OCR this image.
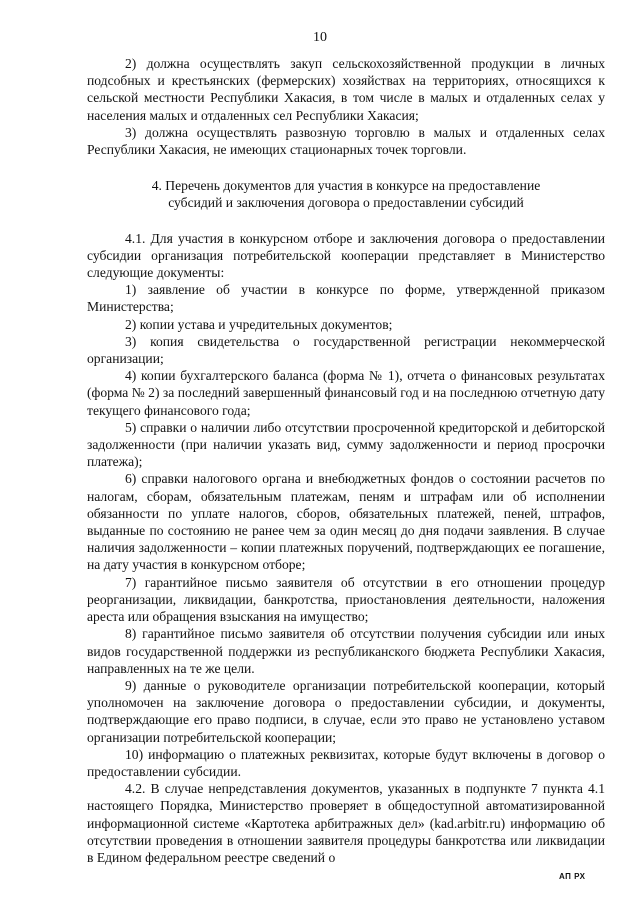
10

2) должна осуществлять закуп сельскохозяйственной продукции в личных подсобных и крестьянских (фермерских) хозяйствах на территориях, относящихся к сельской местности Республики Хакасия, в том числе в малых и отдаленных селах у населения малых и отдаленных сел Республики Хакасия;

3) должна осуществлять развозную торговлю в малых и отдаленных селах Республики Хакасия, не имеющих стационарных точек торговли.

4. Перечень документов для участия в конкурсе на предоставление субсидий и заключения договора о предоставлении субсидий

4.1. Для участия в конкурсном отборе и заключения договора о предоставлении субсидии организация потребительской кооперации представляет в Министерство следующие документы:

1) заявление об участии в конкурсе по форме, утвержденной приказом Министерства;

2) копии устава и учредительных документов;

3) копия свидетельства о государственной регистрации некоммерческой организации;

4) копии бухгалтерского баланса (форма № 1), отчета о финансовых результатах (форма № 2) за последний завершенный финансовый год и на последнюю отчетную дату текущего финансового года;

5) справки о наличии либо отсутствии просроченной кредиторской и дебиторской задолженности (при наличии указать вид, сумму задолженности и период просрочки платежа);

6) справки налогового органа и внебюджетных фондов о состоянии расчетов по налогам, сборам, обязательным платежам, пеням и штрафам или об исполнении обязанности по уплате налогов, сборов, обязательных платежей, пеней, штрафов, выданные по состоянию не ранее чем за один месяц до дня подачи заявления. В случае наличия задолженности – копии платежных поручений, подтверждающих ее погашение, на дату участия в конкурсном отборе;

7) гарантийное письмо заявителя об отсутствии в его отношении процедур реорганизации, ликвидации, банкротства, приостановления деятельности, наложения ареста или обращения взыскания на имущество;

8) гарантийное письмо заявителя об отсутствии получения субсидии или иных видов государственной поддержки из республиканского бюджета Республики Хакасия, направленных на те же цели.

9) данные о руководителе организации потребительской кооперации, который уполномочен на заключение договора о предоставлении субсидии, и документы, подтверждающие его право подписи, в случае, если это право не установлено уставом организации потребительской кооперации;

10) информацию о платежных реквизитах, которые будут включены в договор о предоставлении субсидии.

4.2. В случае непредставления документов, указанных в подпункте 7 пункта 4.1 настоящего Порядка, Министерство проверяет в общедоступной автоматизированной информационной системе «Картотека арбитражных дел» (kad.arbitr.ru) информацию об отсутствии проведения в отношении заявителя процедуры банкротства или ликвидации в Едином федеральном реестре сведений о

АП РХ
